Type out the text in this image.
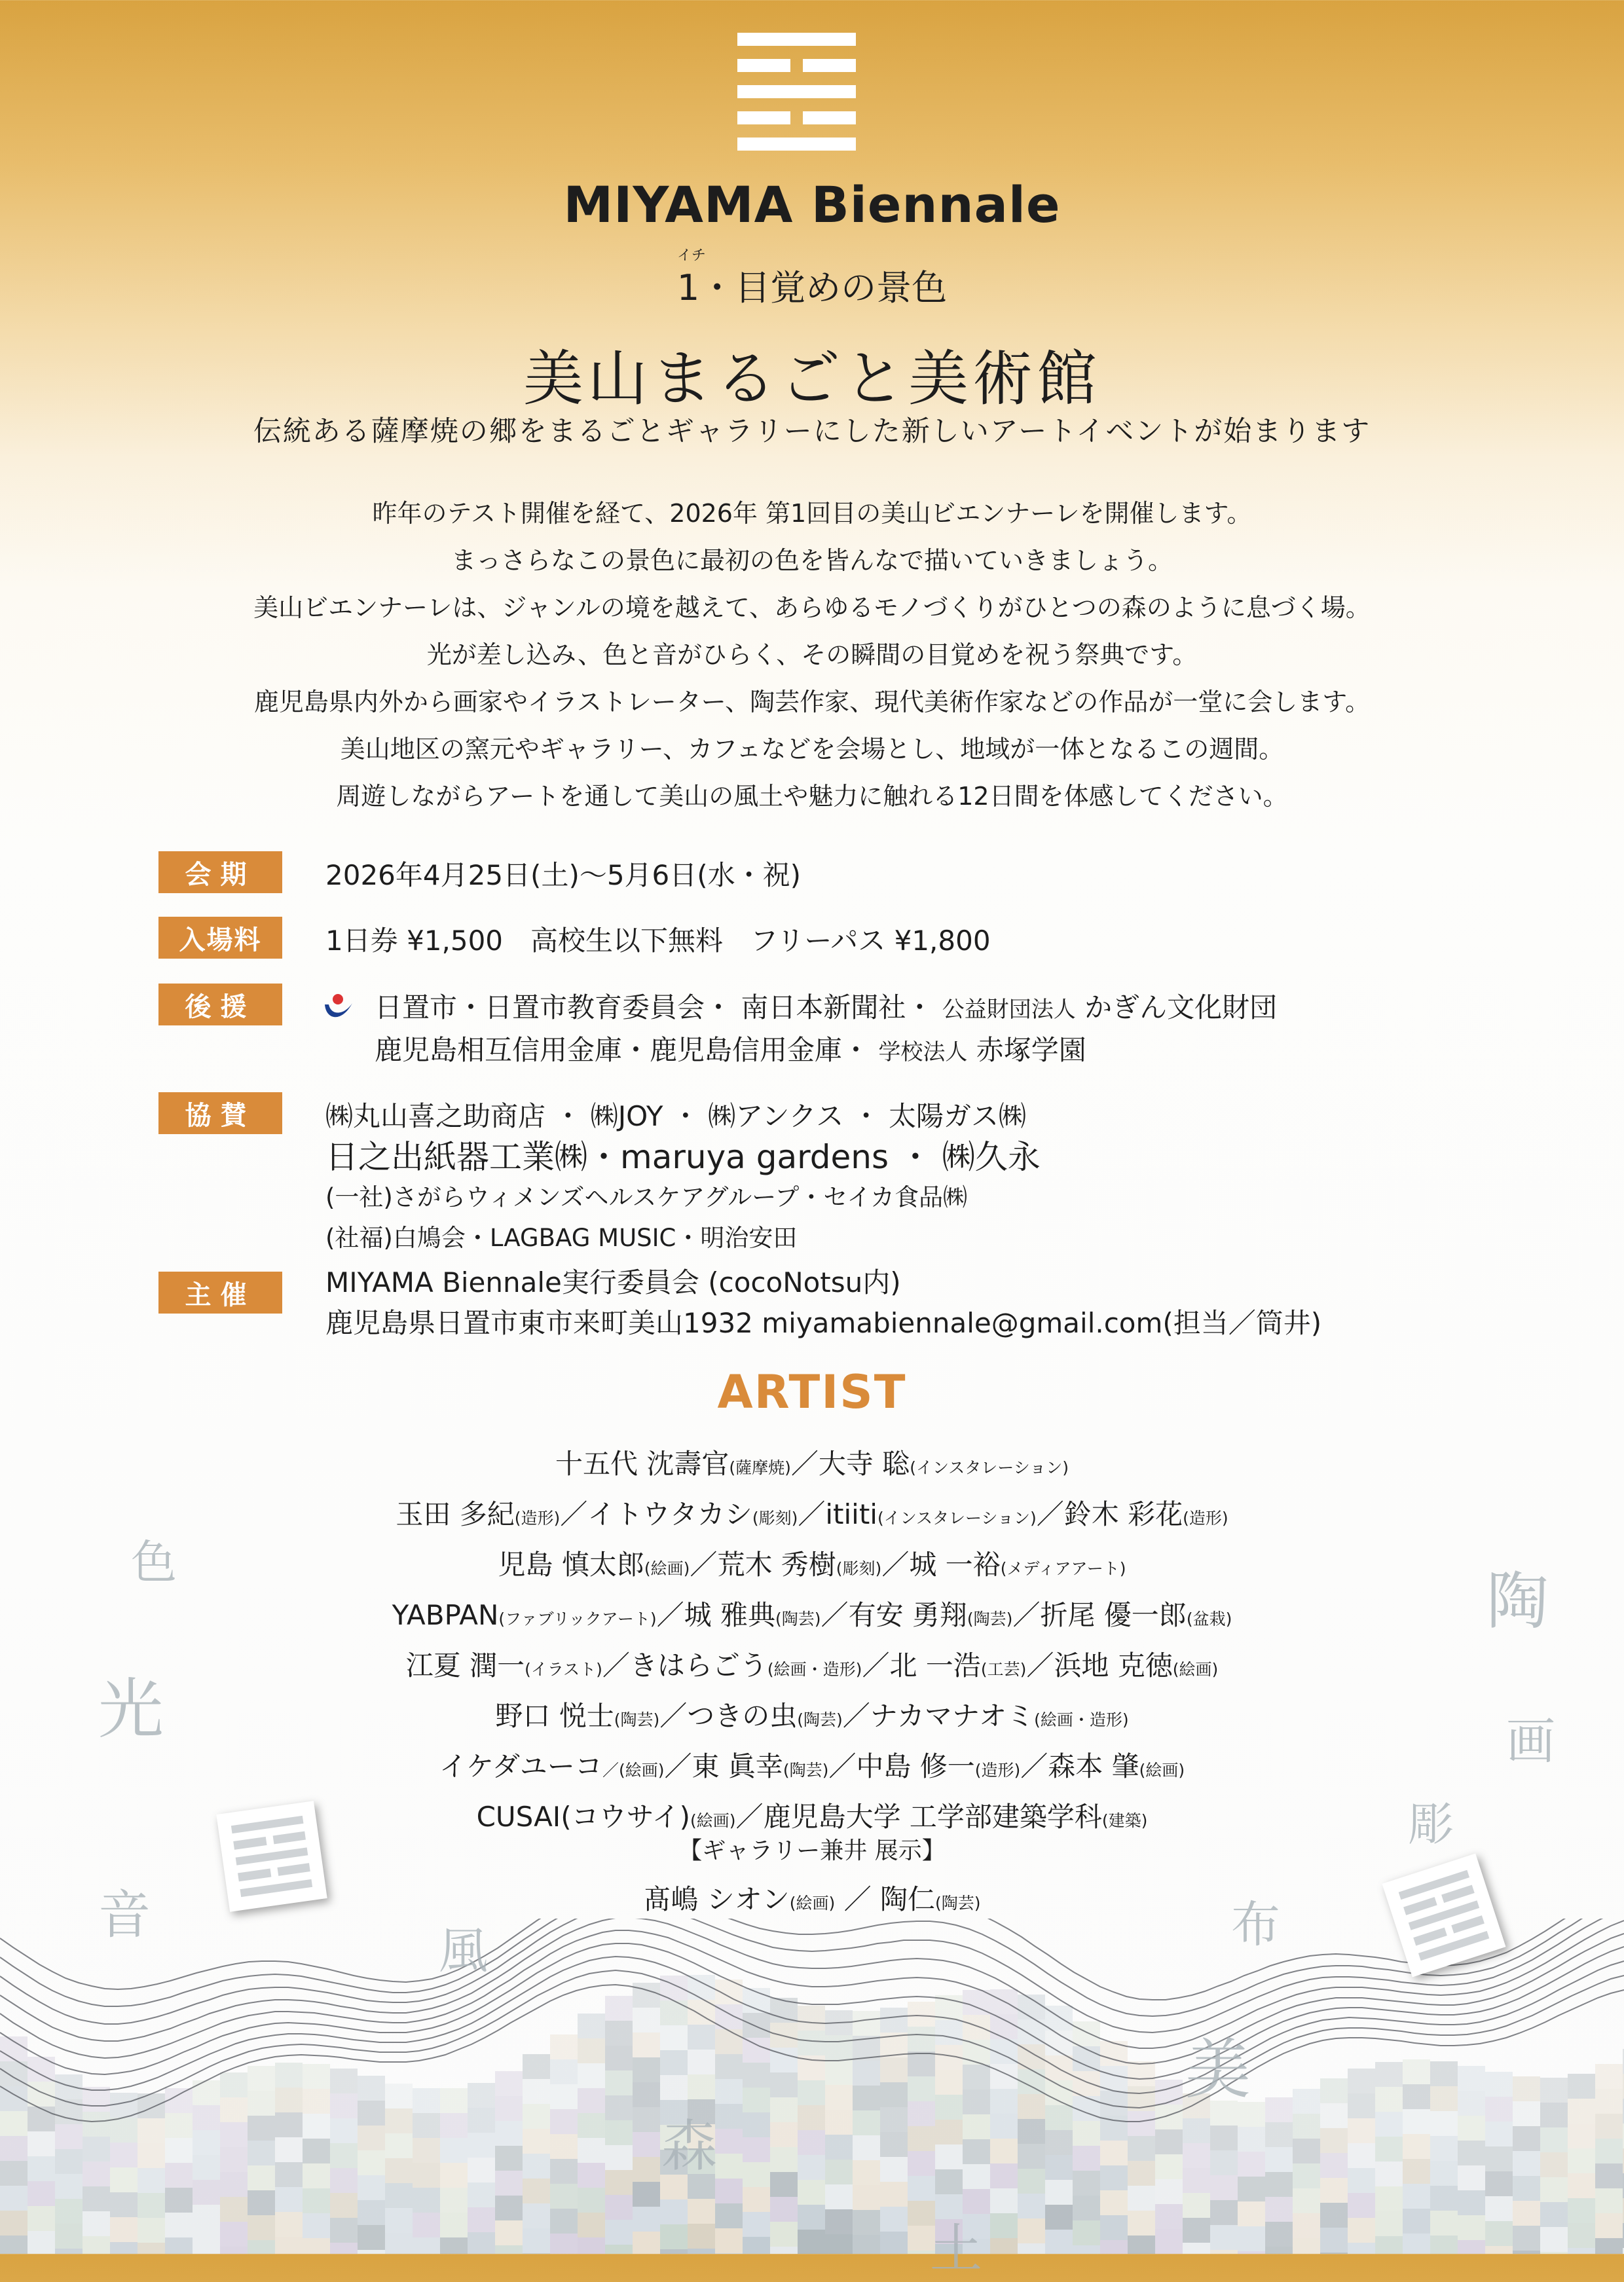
MIYAMA Biennale
イチ
1・目覚めの景色
美山まるごと美術館
伝統ある薩摩焼の郷をまるごとギャラリーにした新しいアートイベントが始まります
昨年のテスト開催を経て、2026年 第1回目の美山ビエンナーレを開催します。
まっさらなこの景色に最初の色を皆んなで描いていきましょう。
美山ビエンナーレは、ジャンルの境を越えて、あらゆるモノづくりがひとつの森のように息づく場。
光が差し込み、色と音がひらく、その瞬間の目覚めを祝う祭典です。
鹿児島県内外から画家やイラストレーター、陶芸作家、現代美術作家などの作品が一堂に会します。
美山地区の窯元やギャラリー、カフェなどを会場とし、地域が一体となるこの週間。
周遊しながらアートを通して美山の風土や魅力に触れる12日間を体感してください。
会期	2026年4月25日(土)〜5月6日(水・祝)
入場料	1日券 ¥1,500　高校生以下無料　フリーパス ¥1,800
後援	日置市・日置市教育委員会・ 南日本新聞社・ 公益財団法人 かぎん文化財団
鹿児島相互信用金庫・鹿児島信用金庫・ 学校法人 赤塚学園
協賛	㈱丸山喜之助商店 ・ ㈱JOY ・ ㈱アンクス ・ 太陽ガス㈱
日之出紙器工業㈱・maruya gardens ・ ㈱久永
(一社)さがらウィメンズヘルスケアグループ・セイカ食品㈱
(社福)白鳩会・LAGBAG MUSIC・明治安田
主催	MIYAMA Biennale実行委員会 (cocoNotsu内)
鹿児島県日置市東市来町美山1932 miyamabiennale@gmail.com(担当／筒井)
ARTIST
十五代 沈壽官(薩摩焼)／大寺 聡(インスタレーション)
玉田 多紀(造形)／イトウタカシ(彫刻)／itiiti(インスタレーション)／鈴木 彩花(造形)
児島 慎太郎(絵画)／荒木 秀樹(彫刻)／城 一裕(メディアアート)
YABPAN(ファブリックアート)／城 雅典(陶芸)／有安 勇翔(陶芸)／折尾 優一郎(盆栽)
江夏 潤一(イラスト)／きはらごう(絵画・造形)／北 一浩(工芸)／浜地 克徳(絵画)
野口 悦士(陶芸)／つきの虫(陶芸)／ナカマナオミ(絵画・造形)
イケダユーコ／(絵画)／東 眞幸(陶芸)／中島 修一(造形)／森本 肇(絵画)
CUSAI(コウサイ)(絵画)／鹿児島大学 工学部建築学科(建築)
【ギャラリー兼井 展示】
髙嶋 シオン(絵画) ／ 陶仁(陶芸)
色
光
音
風
陶
画
彫
布
美
森
土
